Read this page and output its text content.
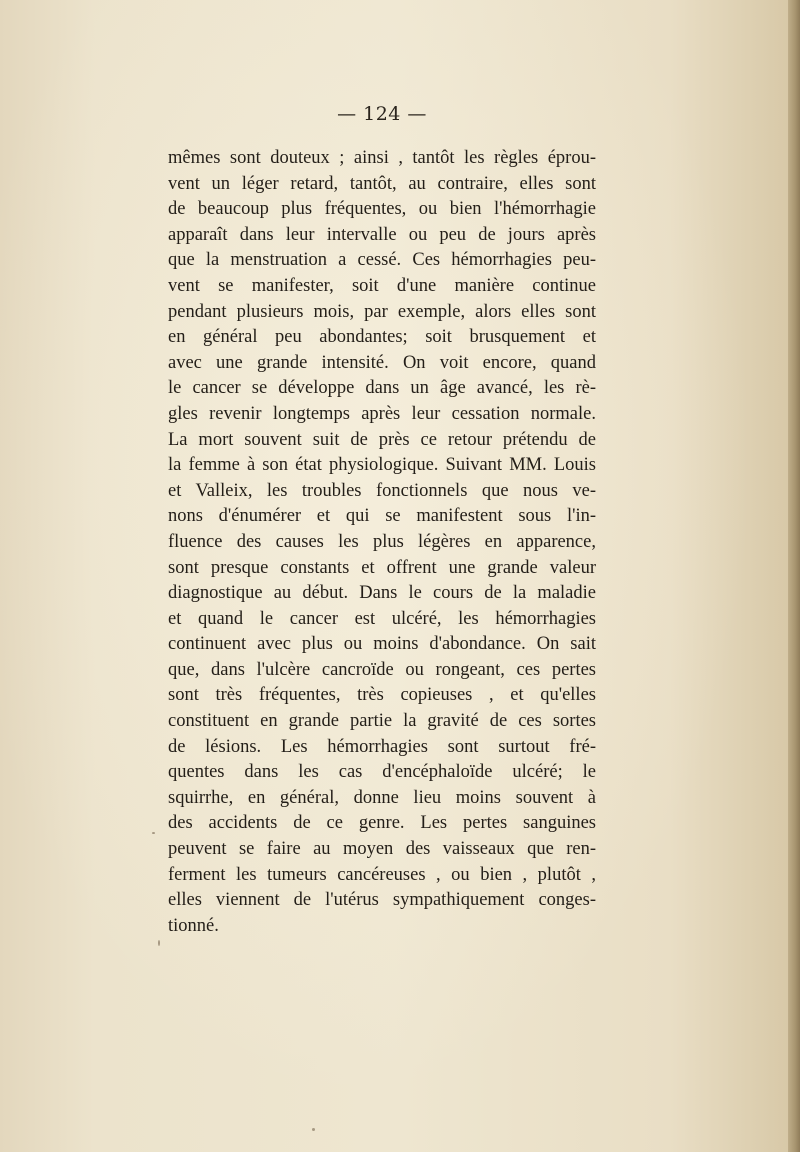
— 124 —
mêmes sont douteux ; ainsi , tantôt les règles éprou-
vent un léger retard, tantôt, au contraire, elles sont
de beaucoup plus fréquentes, ou bien l'hémorrhagie
apparaît dans leur intervalle ou peu de jours après
que la menstruation a cessé. Ces hémorrhagies peu-
vent se manifester, soit d'une manière continue
pendant plusieurs mois, par exemple, alors elles sont
en général peu abondantes; soit brusquement et
avec une grande intensité. On voit encore, quand
le cancer se développe dans un âge avancé, les rè-
gles revenir longtemps après leur cessation normale.
La mort souvent suit de près ce retour prétendu de
la femme à son état physiologique. Suivant MM. Louis
et Valleix, les troubles fonctionnels que nous ve-
nons d'énumérer et qui se manifestent sous l'in-
fluence des causes les plus légères en apparence,
sont presque constants et offrent une grande valeur
diagnostique au début. Dans le cours de la maladie
et quand le cancer est ulcéré, les hémorrhagies
continuent avec plus ou moins d'abondance. On sait
que, dans l'ulcère cancroïde ou rongeant, ces pertes
sont très fréquentes, très copieuses , et qu'elles
constituent en grande partie la gravité de ces sortes
de lésions. Les hémorrhagies sont surtout fré-
quentes dans les cas d'encéphaloïde ulcéré; le
squirrhe, en général, donne lieu moins souvent à
des accidents de ce genre. Les pertes sanguines
peuvent se faire au moyen des vaisseaux que ren-
ferment les tumeurs cancéreuses , ou bien , plutôt ,
elles viennent de l'utérus sympathiquement conges-
tionné.
